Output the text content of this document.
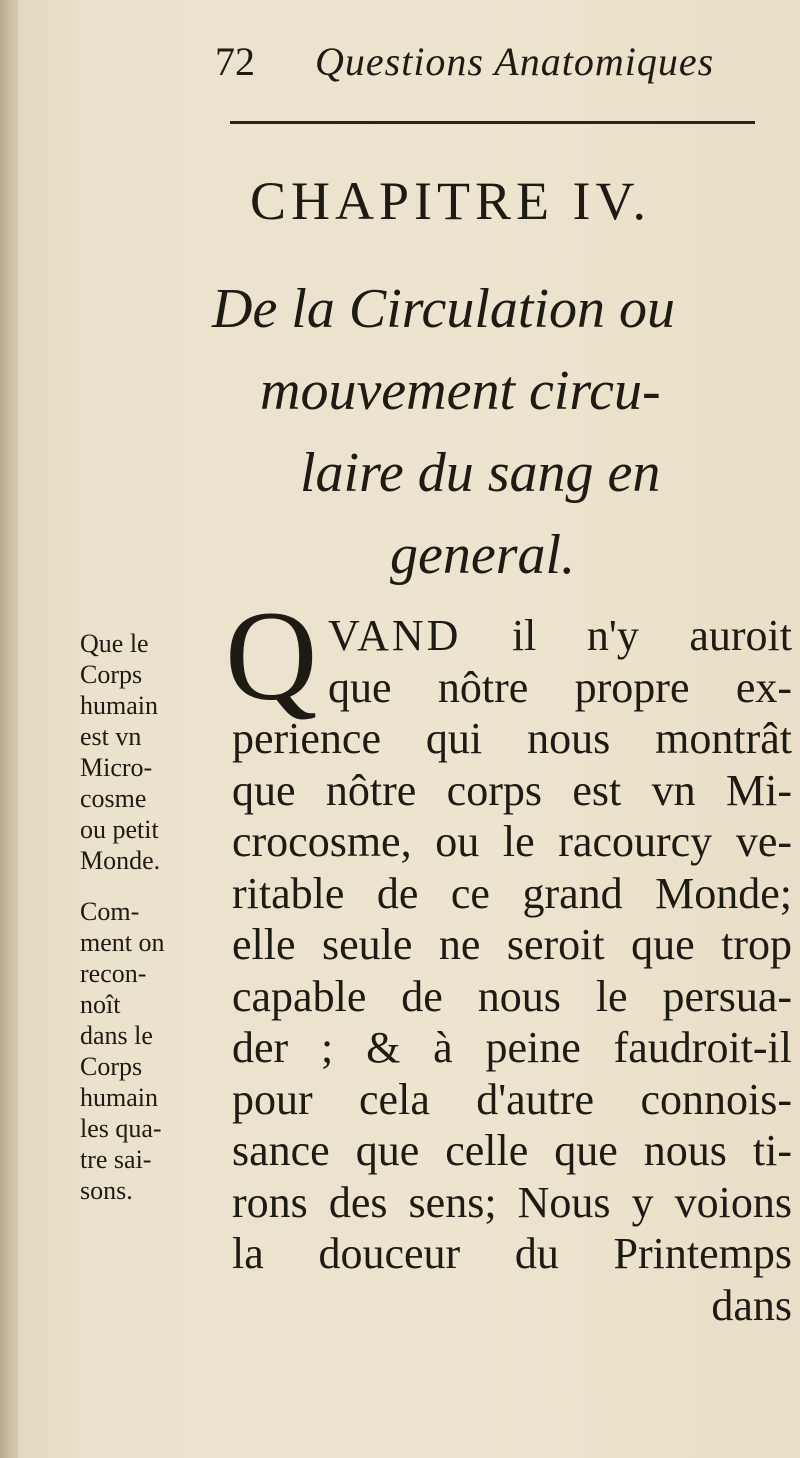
72 Questions Anatomiques
CHAPITRE IV.
De la Circulation ou
mouvement circu-
laire du sang en
general.
Que le
Corps
humain
est vn
Micro-
cosme
ou petit
Monde.
Com-
ment on
recon-
noît
dans le
Corps
humain
les qua-
tre sai-
sons.
Q VAND il n'y auroit
que nôtre propre ex-
perience qui nous montrât
que nôtre corps est vn Mi-
crocosme, ou le racourcy ve-
ritable de ce grand Monde;
elle seule ne seroit que trop
capable de nous le persua-
der ; & à peine faudroit-il
pour cela d'autre connois-
sance que celle que nous ti-
rons des sens; Nous y voions
la douceur du Printemps
dans
